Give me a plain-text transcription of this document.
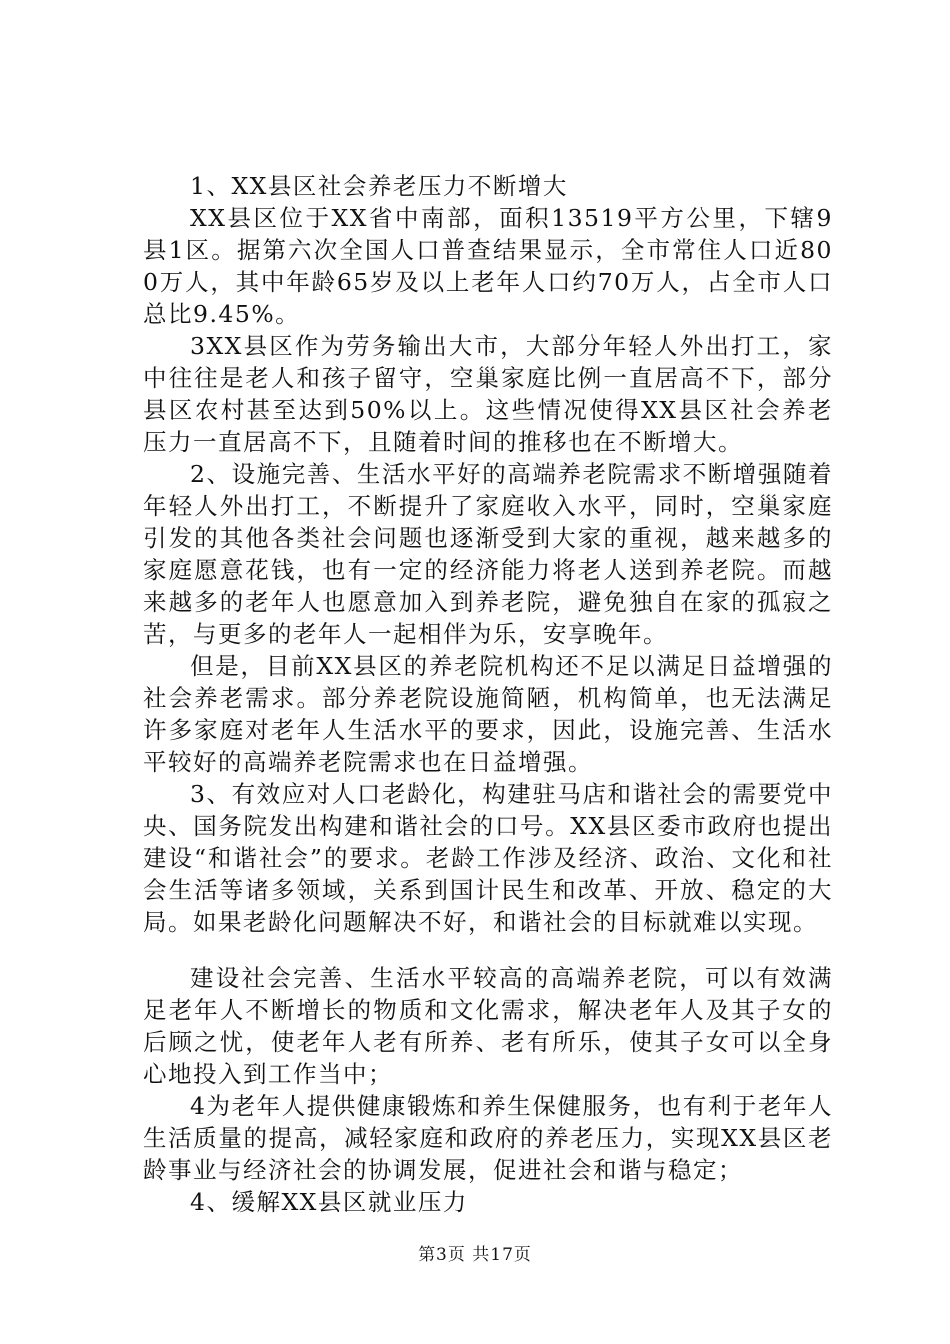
1、XX县区社会养老压力不断增大

XX县区位于XX省中南部，面积13519平方公里，下辖9县1区。据第六次全国人口普查结果显示，全市常住人口近800万人，其中年龄65岁及以上老年人口约70万人，占全市人口总比9.45%。

3XX县区作为劳务输出大市，大部分年轻人外出打工，家中往往是老人和孩子留守，空巢家庭比例一直居高不下，部分县区农村甚至达到50%以上。这些情况使得XX县区社会养老压力一直居高不下，且随着时间的推移也在不断增大。

2、设施完善、生活水平好的高端养老院需求不断增强随着年轻人外出打工，不断提升了家庭收入水平，同时，空巢家庭引发的其他各类社会问题也逐渐受到大家的重视，越来越多的家庭愿意花钱，也有一定的经济能力将老人送到养老院。而越来越多的老年人也愿意加入到养老院，避免独自在家的孤寂之苦，与更多的老年人一起相伴为乐，安享晚年。

但是，目前XX县区的养老院机构还不足以满足日益增强的社会养老需求。部分养老院设施简陋，机构简单，也无法满足许多家庭对老年人生活水平的要求，因此，设施完善、生活水平较好的高端养老院需求也在日益增强。

3、有效应对人口老龄化，构建驻马店和谐社会的需要党中央、国务院发出构建和谐社会的口号。XX县区委市政府也提出建设“和谐社会”的要求。老龄工作涉及经济、政治、文化和社会生活等诸多领域，关系到国计民生和改革、开放、稳定的大局。如果老龄化问题解决不好，和谐社会的目标就难以实现。

建设社会完善、生活水平较高的高端养老院，可以有效满足老年人不断增长的物质和文化需求，解决老年人及其子女的后顾之忧，使老年人老有所养、老有所乐，使其子女可以全身心地投入到工作当中；

4为老年人提供健康锻炼和养生保健服务，也有利于老年人生活质量的提高，减轻家庭和政府的养老压力，实现XX县区老龄事业与经济社会的协调发展，促进社会和谐与稳定；

4、缓解XX县区就业压力

第3页 共17页
